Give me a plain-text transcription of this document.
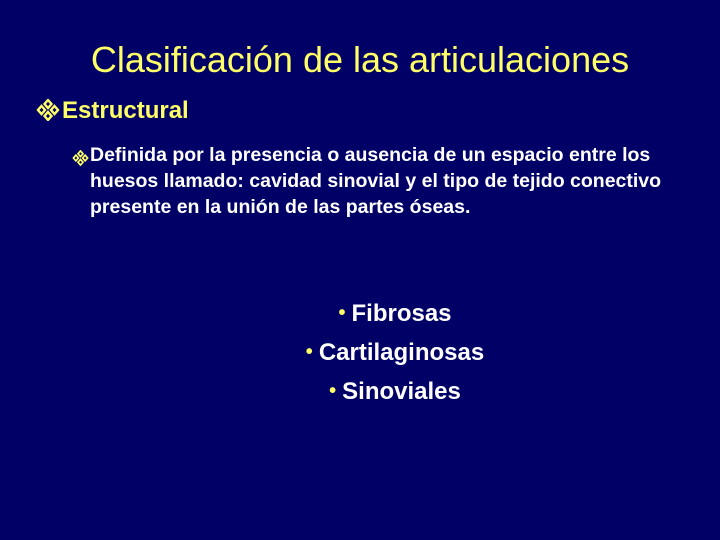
Clasificación de las articulaciones
Estructural
Definida por la presencia o ausencia de un espacio entre los huesos llamado: cavidad sinovial y el tipo de tejido conectivo presente en la unión de las partes óseas.
• Fibrosas
• Cartilaginosas
• Sinoviales
